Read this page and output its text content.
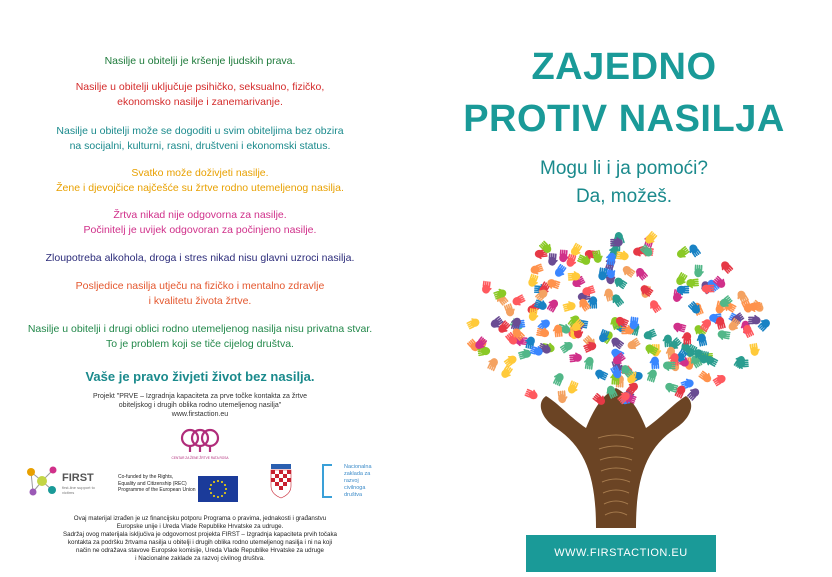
Nasilje u obitelji je kršenje ljudskih prava.
Nasilje u obitelji uključuje psihičko, seksualno, fizičko,
ekonomsko nasilje i zanemarivanje.
Nasilje u obitelji može se dogoditi u svim obiteljima bez obzira
na socijalni, kulturni, rasni, društveni i ekonomski status.
Svatko može doživjeti nasilje.
Žene i djevojčice najčešće su žrtve rodno utemeljenog nasilja.
Žrtva nikad nije odgovorna za nasilje.
Počinitelj je uvijek odgovoran za počinjeno nasilje.
Zloupotreba alkohola, droga i stres nikad nisu glavni uzroci nasilja.
Posljedice nasilja utječu na fizičko i mentalno zdravlje
i kvalitetu života žrtve.
Nasilje u obitelji i drugi oblici rodno utemeljenog nasilja nisu privatna stvar.
To je problem koji se tiče cijelog društva.
Vaše je pravo živjeti život bez nasilja.
Projekt "PRVE – Izgradnja kapaciteta za prve točke kontakta za žrtve
obiteljskog i drugih oblika rodno utemeljenog nasilja"
www.firstaction.eu
CENTAR ZA ŽENE ŽRTVE RATA ROSA
FIRST
first-line support to victims
Co-funded by the Rights,
Equality and Citizenship (REC)
Programme of the European Union
Nacionalna
zaklada za
razvoj
civilnoga
društva
Ovaj materijal izrađen je uz financijsku potporu Programa o pravima, jednakosti i građanstvu
Europske unije i Ureda Vlade Republike Hrvatske za udruge.
Sadržaj ovog materijala isključiva je odgovornost projekta FIRST – Izgradnja kapaciteta prvih točaka
kontakta za podršku žrtvama nasilja u obitelji i drugih oblika rodno utemeljenog nasilja i ni na koji
način ne odražava stavove Europske komisije, Ureda Vlade Republike Hrvatske za udruge
i Nacionalne zaklade za razvoj civilnog društva.
ZAJEDNO
PROTIV NASILJA
Mogu li i ja pomoći?
Da, možeš.
WWW.FIRSTACTION.EU
